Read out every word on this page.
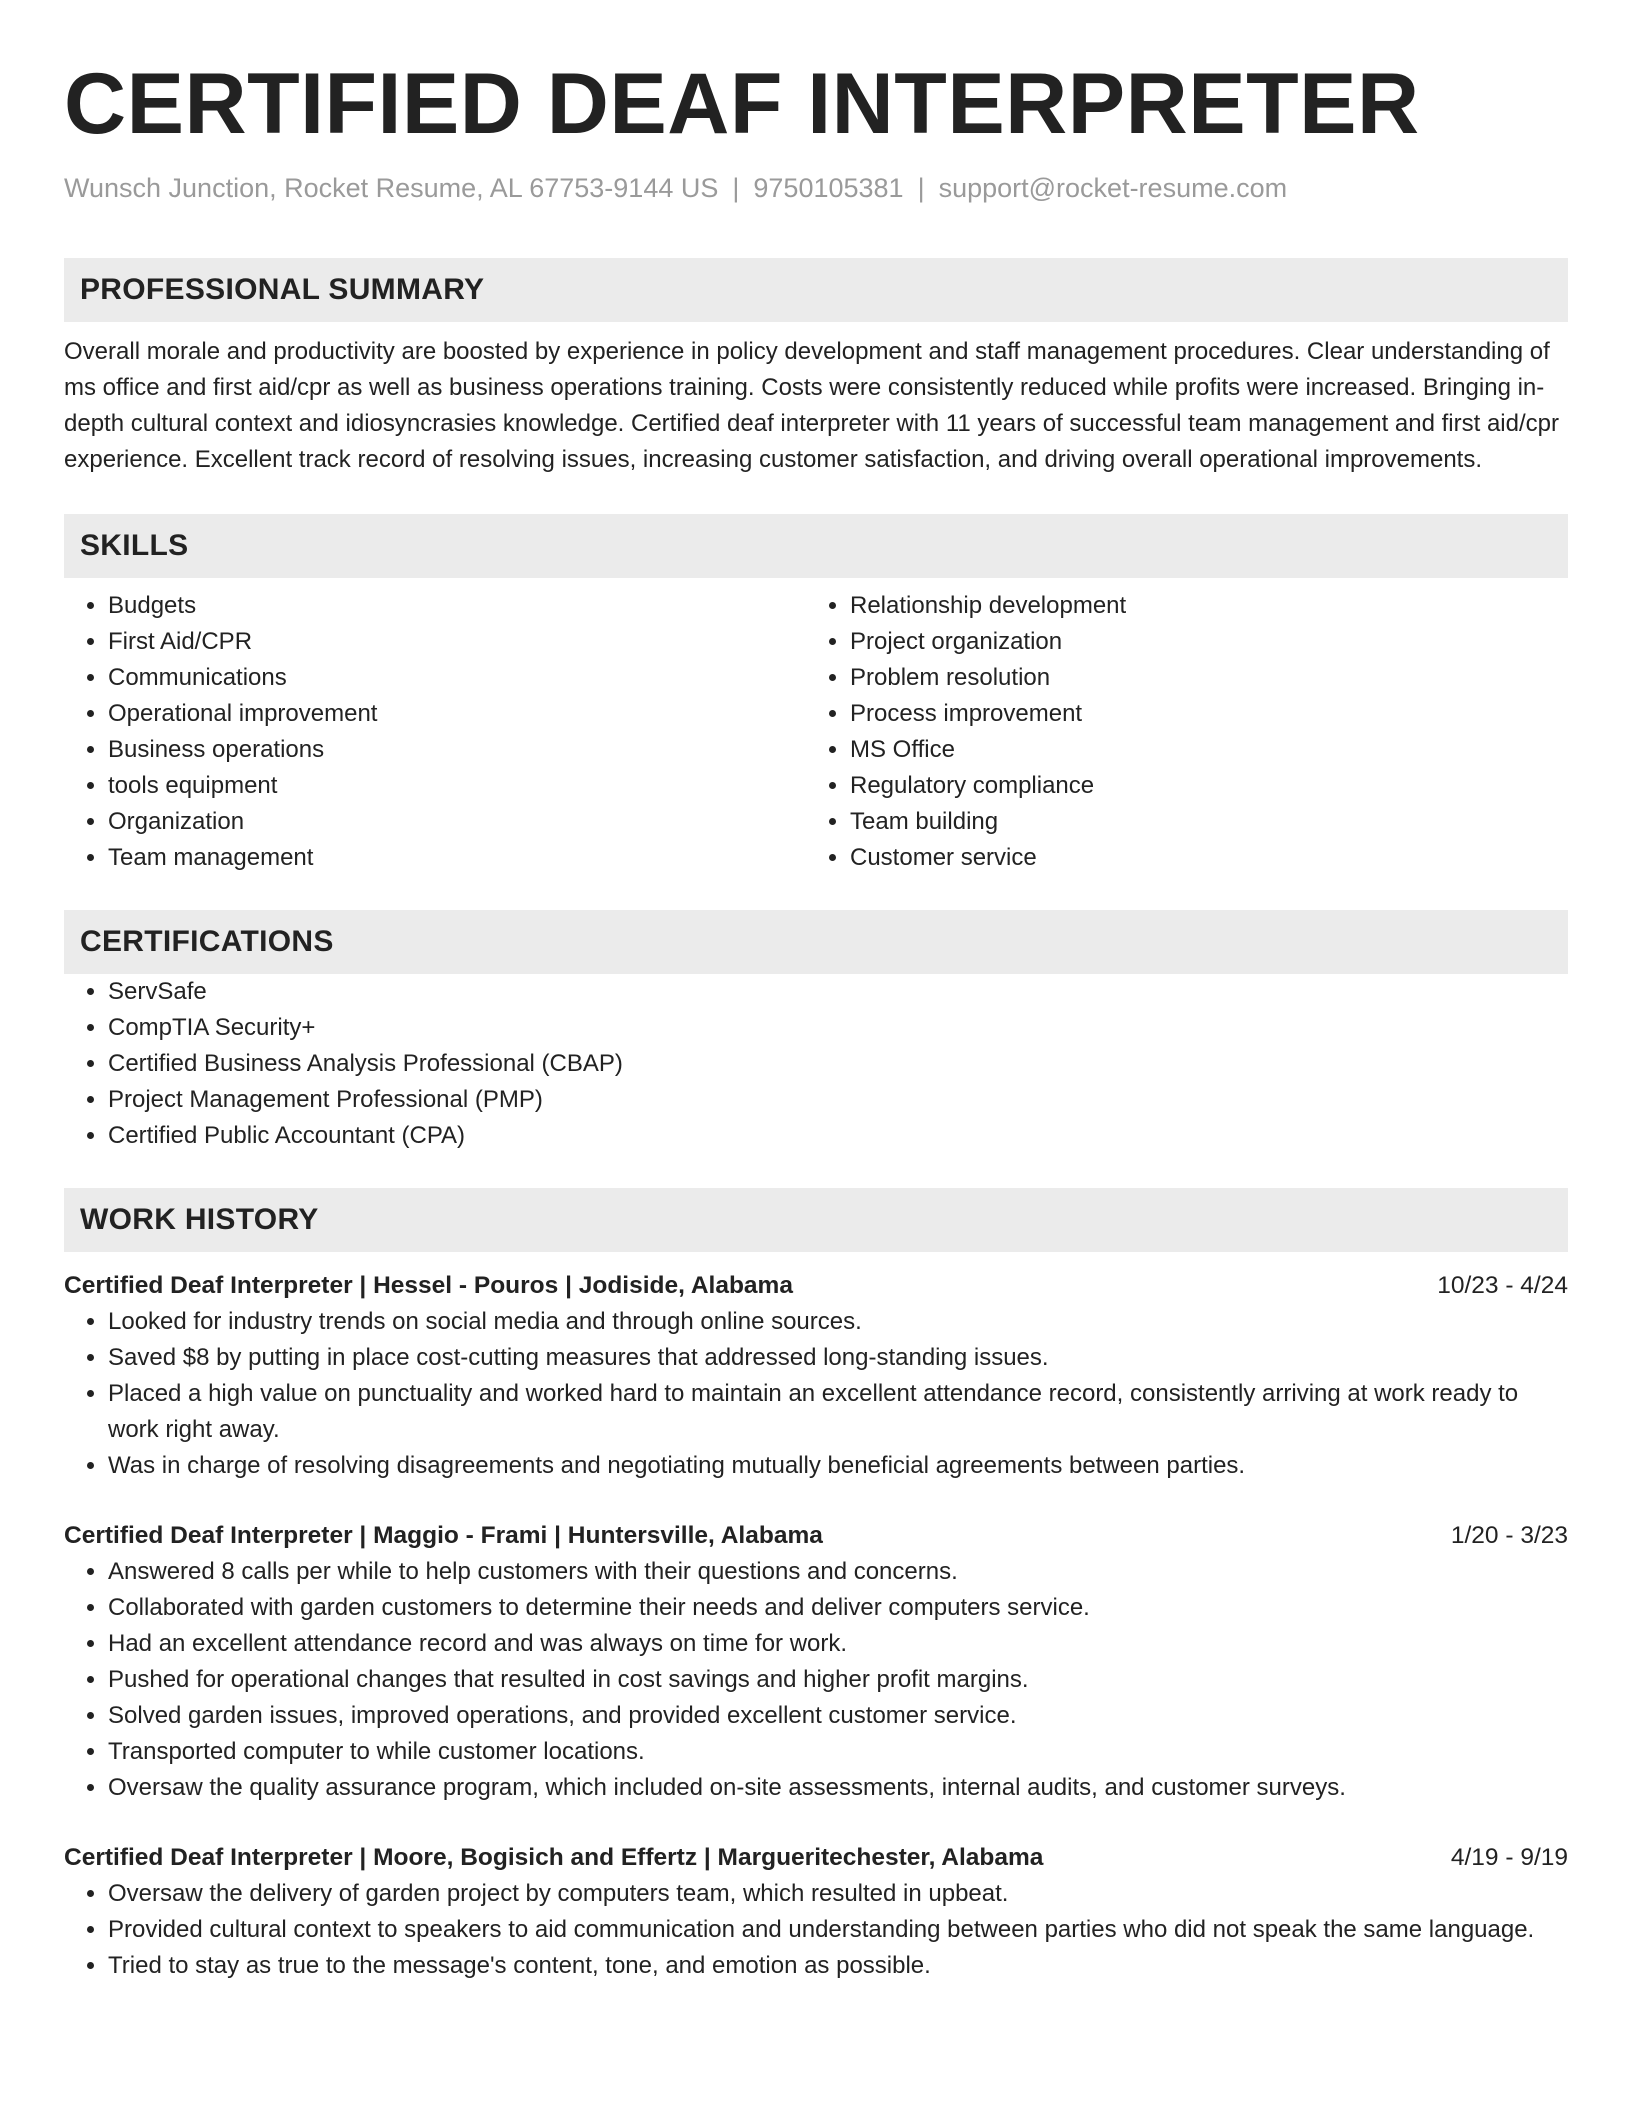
CERTIFIED DEAF INTERPRETER
Wunsch Junction, Rocket Resume, AL 67753-9144 US | 9750105381 | support@rocket-resume.com
PROFESSIONAL SUMMARY

Overall morale and productivity are boosted by experience in policy development and staff management procedures. Clear understanding of ms office and first aid/cpr as well as business operations training. Costs were consistently reduced while profits were increased. Bringing in-depth cultural context and idiosyncrasies knowledge. Certified deaf interpreter with 11 years of successful team management and first aid/cpr experience. Excellent track record of resolving issues, increasing customer satisfaction, and driving overall operational improvements.

SKILLS
• Budgets
• First Aid/CPR
• Communications
• Operational improvement
• Business operations
• tools equipment
• Organization
• Team management
• Relationship development
• Project organization
• Problem resolution
• Process improvement
• MS Office
• Regulatory compliance
• Team building
• Customer service
CERTIFICATIONS
• ServSafe
• CompTIA Security+
• Certified Business Analysis Professional (CBAP)
• Project Management Professional (PMP)
• Certified Public Accountant (CPA)
WORK HISTORY
Certified Deaf Interpreter | Hessel - Pouros | Jodiside, Alabama	10/23 - 4/24
• Looked for industry trends on social media and through online sources.
• Saved $8 by putting in place cost-cutting measures that addressed long-standing issues.
• Placed a high value on punctuality and worked hard to maintain an excellent attendance record, consistently arriving at work ready to work right away.
• Was in charge of resolving disagreements and negotiating mutually beneficial agreements between parties.
Certified Deaf Interpreter | Maggio - Frami | Huntersville, Alabama	1/20 - 3/23
• Answered 8 calls per while to help customers with their questions and concerns.
• Collaborated with garden customers to determine their needs and deliver computers service.
• Had an excellent attendance record and was always on time for work.
• Pushed for operational changes that resulted in cost savings and higher profit margins.
• Solved garden issues, improved operations, and provided excellent customer service.
• Transported computer to while customer locations.
• Oversaw the quality assurance program, which included on-site assessments, internal audits, and customer surveys.
Certified Deaf Interpreter | Moore, Bogisich and Effertz | Margueritechester, Alabama	4/19 - 9/19
• Oversaw the delivery of garden project by computers team, which resulted in upbeat.
• Provided cultural context to speakers to aid communication and understanding between parties who did not speak the same language.
• Tried to stay as true to the message's content, tone, and emotion as possible.
